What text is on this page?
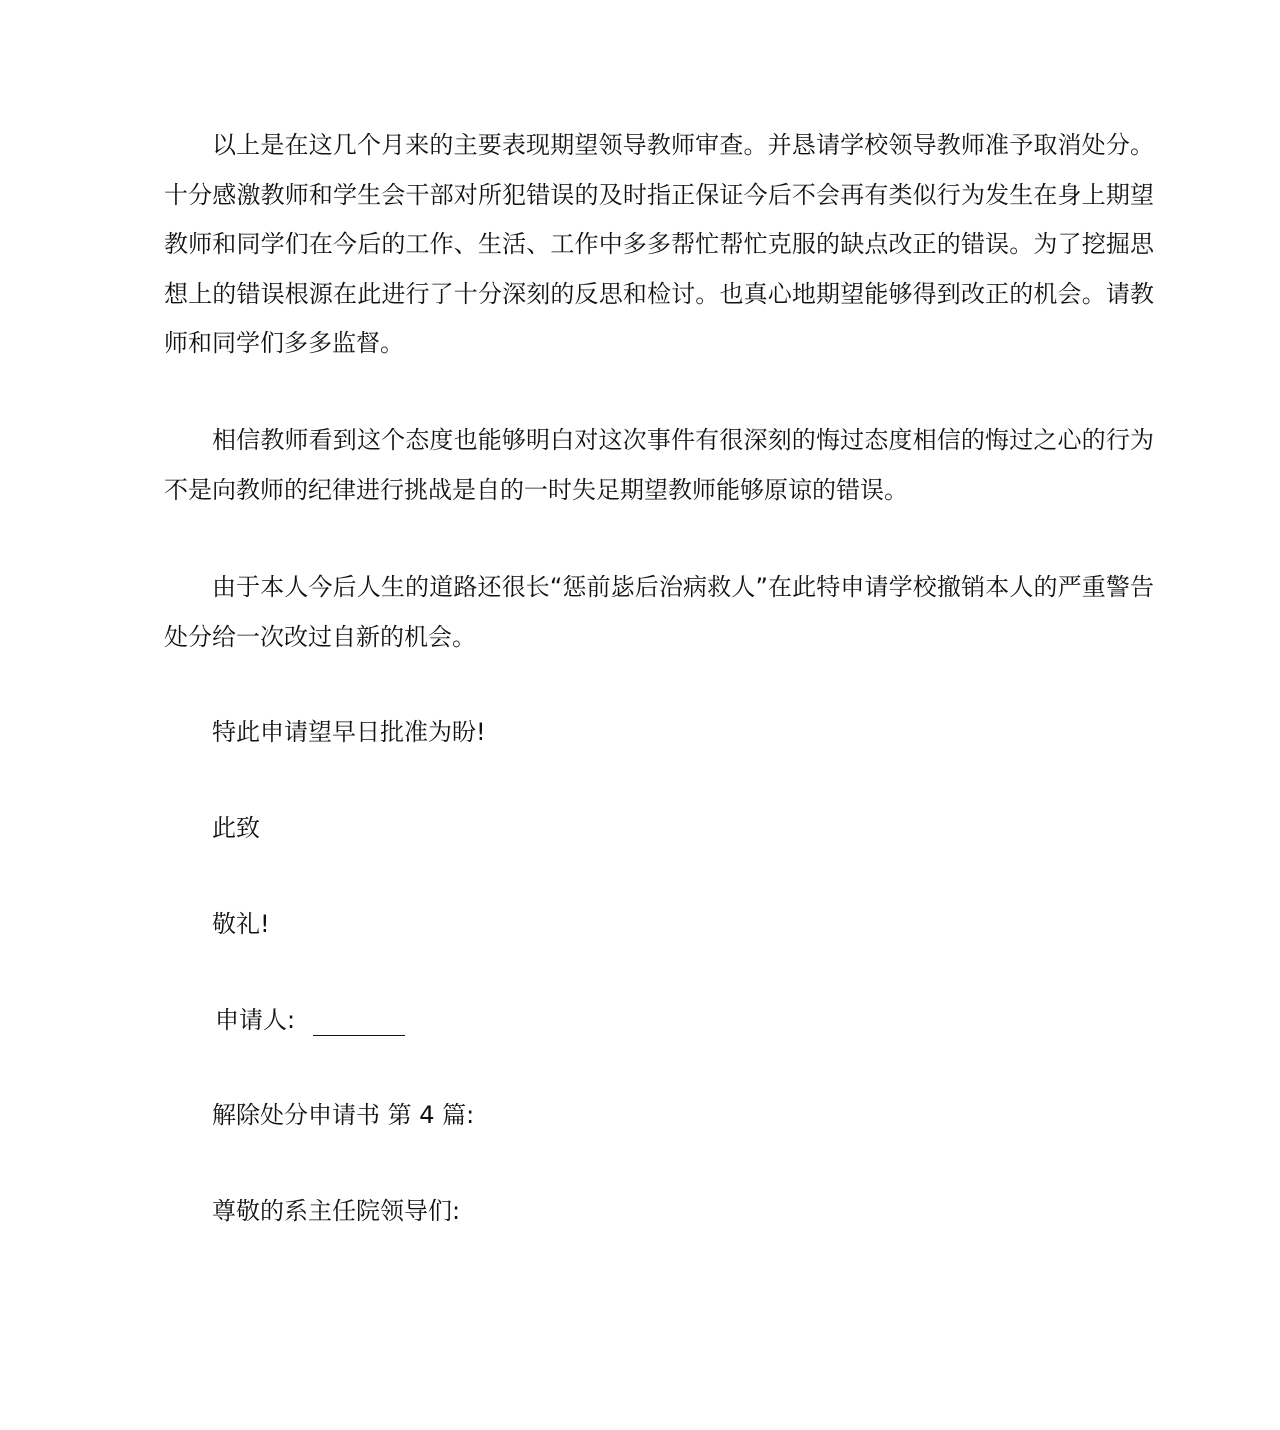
以上是在这几个月来的主要表现期望领导教师审查。并恳请学校领导教师准予取消处分。十分感激教师和学生会干部对所犯错误的及时指正保证今后不会再有类似行为发生在身上期望教师和同学们在今后的工作、生活、工作中多多帮忙帮忙克服的缺点改正的错误。为了挖掘思想上的错误根源在此进行了十分深刻的反思和检讨。也真心地期望能够得到改正的机会。请教师和同学们多多监督。

相信教师看到这个态度也能够明白对这次事件有很深刻的悔过态度相信的悔过之心的行为不是向教师的纪律进行挑战是自的一时失足期望教师能够原谅的错误。

由于本人今后人生的道路还很长“惩前毖后治病救人”在此特申请学校撤销本人的严重警告处分给一次改过自新的机会。

特此申请望早日批准为盼!

此致

敬礼!

申请人:

解除处分申请书 第 4 篇:

尊敬的系主任院领导们:
